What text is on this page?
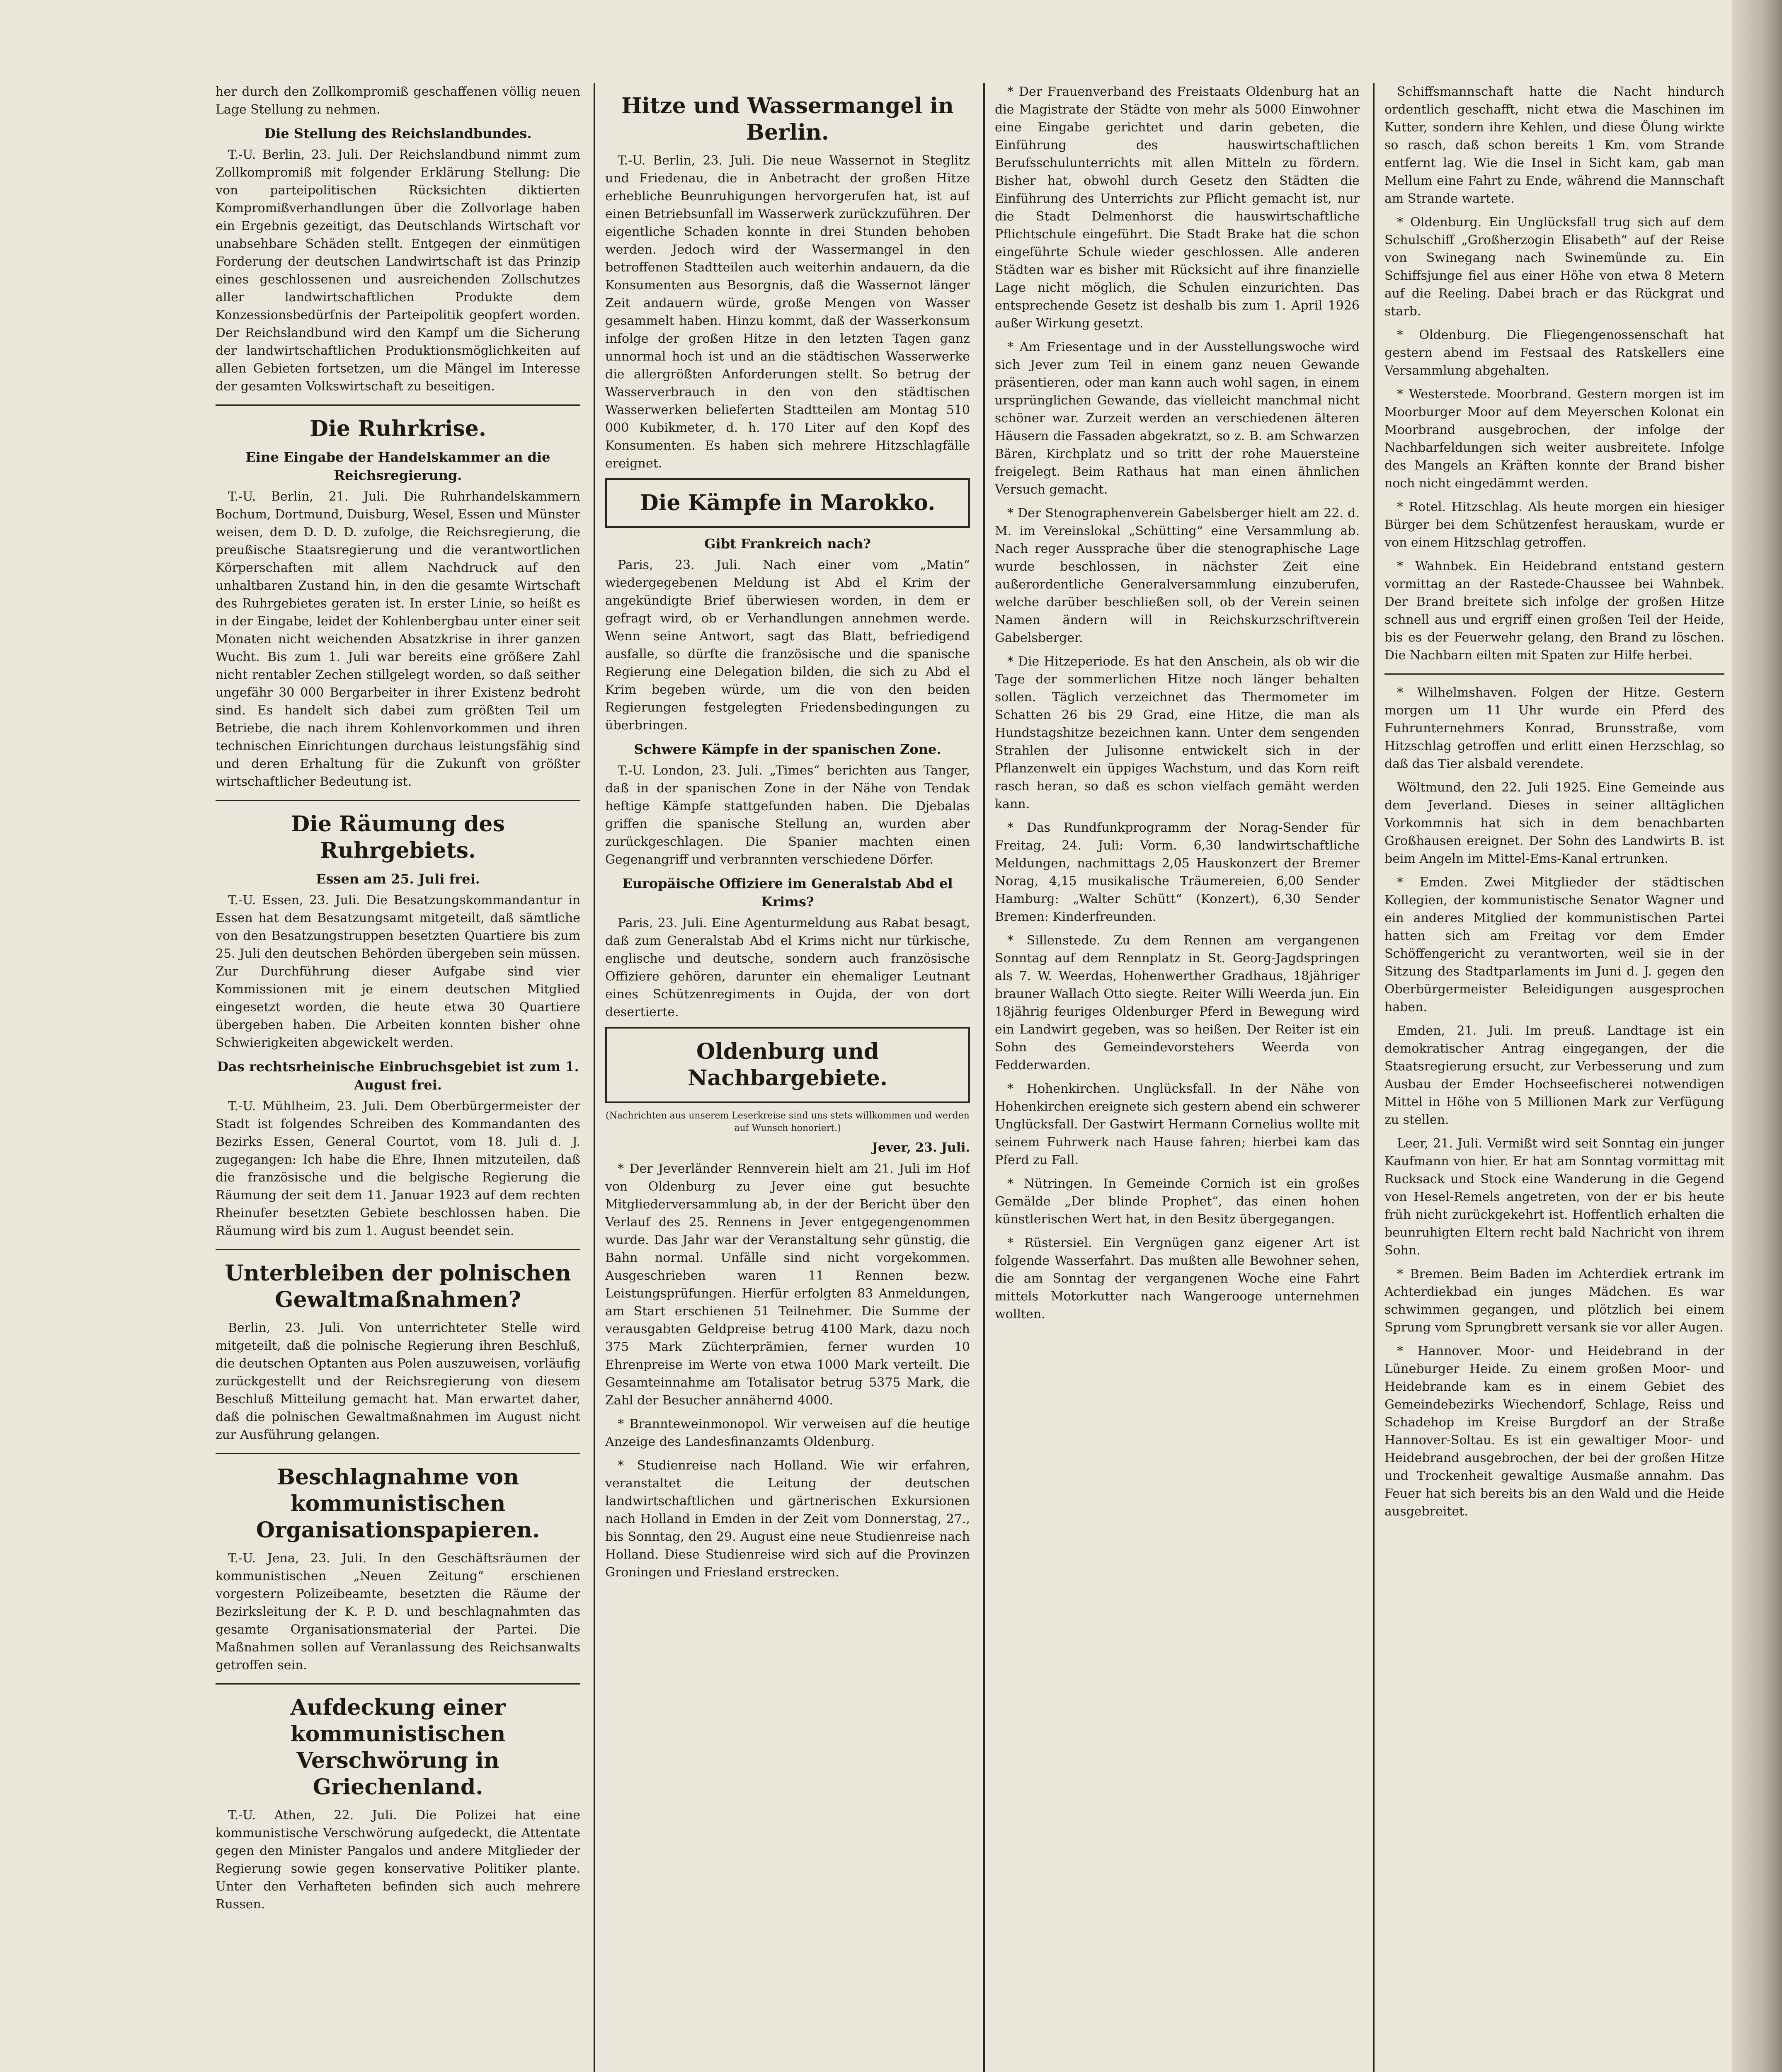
her durch den Zollkompromiß geschaffenen völlig neuen Lage Stellung zu nehmen.

Die Stellung des Reichslandbundes.

T.-U. Berlin, 23. Juli. Der Reichslandbund nimmt zum Zollkompromiß mit folgender Erklärung Stellung: Die von parteipolitischen Rücksichten diktierten Kompromißverhandlungen über die Zollvorlage haben ein Ergebnis gezeitigt, das Deutschlands Wirtschaft vor unabsehbare Schäden stellt. Entgegen der einmütigen Forderung der deutschen Landwirtschaft ist das Prinzip eines geschlossenen und ausreichenden Zollschutzes aller landwirtschaftlichen Produkte dem Konzessionsbedürfnis der Parteipolitik geopfert worden. Der Reichslandbund wird den Kampf um die Sicherung der landwirtschaftlichen Produktionsmöglichkeiten auf allen Gebieten fortsetzen, um die Mängel im Interesse der gesamten Volkswirtschaft zu beseitigen.

Die Ruhrkrise.
Eine Eingabe der Handelskammer an die Reichsregierung.

T.-U. Berlin, 21. Juli. Die Ruhrhandelskammern Bochum, Dortmund, Duisburg, Wesel, Essen und Münster weisen, dem D. D. D. zufolge, die Reichsregierung, die preußische Staatsregierung und die verantwortlichen Körperschaften mit allem Nachdruck auf den unhaltbaren Zustand hin, in den die gesamte Wirtschaft des Ruhrgebietes geraten ist. In erster Linie, so heißt es in der Eingabe, leidet der Kohlenbergbau unter einer seit Monaten nicht weichenden Absatzkrise in ihrer ganzen Wucht. Bis zum 1. Juli war bereits eine größere Zahl nicht rentabler Zechen stillgelegt worden, so daß seither ungefähr 30 000 Bergarbeiter in ihrer Existenz bedroht sind. Es handelt sich dabei zum größten Teil um Betriebe, die nach ihrem Kohlenvorkommen und ihren technischen Einrichtungen durchaus leistungsfähig sind und deren Erhaltung für die Zukunft von größter wirtschaftlicher Bedeutung ist.

Die Räumung des Ruhrgebiets.
Essen am 25. Juli frei.

T.-U. Essen, 23. Juli. Die Besatzungskommandantur in Essen hat dem Besatzungsamt mitgeteilt, daß sämtliche von den Besatzungstruppen besetzten Quartiere bis zum 25. Juli den deutschen Behörden übergeben sein müssen. Zur Durchführung dieser Aufgabe sind vier Kommissionen mit je einem deutschen Mitglied eingesetzt worden, die heute etwa 30 Quartiere übergeben haben. Die Arbeiten konnten bisher ohne Schwierigkeiten abgewickelt werden.

Das rechtsrheinische Einbruchsgebiet ist zum 1. August frei.

T.-U. Mühlheim, 23. Juli. Dem Oberbürgermeister der Stadt ist folgendes Schreiben des Kommandanten des Bezirks Essen, General Courtot, vom 18. Juli d. J. zugegangen: Ich habe die Ehre, Ihnen mitzuteilen, daß die französische und die belgische Regierung die Räumung der seit dem 11. Januar 1923 auf dem rechten Rheinufer besetzten Gebiete beschlossen haben. Die Räumung wird bis zum 1. August beendet sein.

Unterbleiben der polnischen Gewaltmaßnahmen?

Berlin, 23. Juli. Von unterrichteter Stelle wird mitgeteilt, daß die polnische Regierung ihren Beschluß, die deutschen Optanten aus Polen auszuweisen, vorläufig zurückgestellt und der Reichsregierung von diesem Beschluß Mitteilung gemacht hat. Man erwartet daher, daß die polnischen Gewaltmaßnahmen im August nicht zur Ausführung gelangen.

Beschlagnahme von kommunistischen Organisationspapieren.

T.-U. Jena, 23. Juli. In den Geschäftsräumen der kommunistischen „Neuen Zeitung“ erschienen vorgestern Polizeibeamte, besetzten die Räume der Bezirksleitung der K. P. D. und beschlagnahmten das gesamte Organisationsmaterial der Partei. Die Maßnahmen sollen auf Veranlassung des Reichsanwalts getroffen sein.

Aufdeckung einer kommunistischen Verschwörung in Griechenland.

T.-U. Athen, 22. Juli. Die Polizei hat eine kommunistische Verschwörung aufgedeckt, die Attentate gegen den Minister Pangalos und andere Mitglieder der Regierung sowie gegen konservative Politiker plante. Unter den Verhafteten befinden sich auch mehrere Russen.

Hitze und Wassermangel in Berlin.

T.-U. Berlin, 23. Juli. Die neue Wassernot in Steglitz und Friedenau, die in Anbetracht der großen Hitze erhebliche Beunruhigungen hervorgerufen hat, ist auf einen Betriebsunfall im Wasserwerk zurückzuführen. Der eigentliche Schaden konnte in drei Stunden behoben werden. Jedoch wird der Wassermangel in den betroffenen Stadtteilen auch weiterhin andauern, da die Konsumenten aus Besorgnis, daß die Wassernot länger Zeit andauern würde, große Mengen von Wasser gesammelt haben. Hinzu kommt, daß der Wasserkonsum infolge der großen Hitze in den letzten Tagen ganz unnormal hoch ist und an die städtischen Wasserwerke die allergrößten Anforderungen stellt. So betrug der Wasserverbrauch in den von den städtischen Wasserwerken belieferten Stadtteilen am Montag 510 000 Kubikmeter, d. h. 170 Liter auf den Kopf des Konsumenten. Es haben sich mehrere Hitzschlagfälle ereignet.

Die Kämpfe in Marokko.
Gibt Frankreich nach?

Paris, 23. Juli. Nach einer vom „Matin“ wiedergegebenen Meldung ist Abd el Krim der angekündigte Brief überwiesen worden, in dem er gefragt wird, ob er Verhandlungen annehmen werde. Wenn seine Antwort, sagt das Blatt, befriedigend ausfalle, so dürfte die französische und die spanische Regierung eine Delegation bilden, die sich zu Abd el Krim begeben würde, um die von den beiden Regierungen festgelegten Friedensbedingungen zu überbringen.

Schwere Kämpfe in der spanischen Zone.

T.-U. London, 23. Juli. „Times“ berichten aus Tanger, daß in der spanischen Zone in der Nähe von Tendak heftige Kämpfe stattgefunden haben. Die Djebalas griffen die spanische Stellung an, wurden aber zurückgeschlagen. Die Spanier machten einen Gegenangriff und verbrannten verschiedene Dörfer.

Europäische Offiziere im Generalstab Abd el Krims?

Paris, 23. Juli. Eine Agenturmeldung aus Rabat besagt, daß zum Generalstab Abd el Krims nicht nur türkische, englische und deutsche, sondern auch französische Offiziere gehören, darunter ein ehemaliger Leutnant eines Schützenregiments in Oujda, der von dort desertierte.

Oldenburg und Nachbargebiete.
(Nachrichten aus unserem Leserkreise sind uns stets willkommen und werden auf Wunsch honoriert.)
Jever, 23. Juli.

* Der Jeverländer Rennverein hielt am 21. Juli im Hof von Oldenburg zu Jever eine gut besuchte Mitgliederversammlung ab, in der der Bericht über den Verlauf des 25. Rennens in Jever entgegengenommen wurde. Das Jahr war der Veranstaltung sehr günstig, die Bahn normal. Unfälle sind nicht vorgekommen. Ausgeschrieben waren 11 Rennen bezw. Leistungsprüfungen. Hierfür erfolgten 83 Anmeldungen, am Start erschienen 51 Teilnehmer. Die Summe der verausgabten Geldpreise betrug 4100 Mark, dazu noch 375 Mark Züchterprämien, ferner wurden 10 Ehrenpreise im Werte von etwa 1000 Mark verteilt. Die Gesamteinnahme am Totalisator betrug 5375 Mark, die Zahl der Besucher annähernd 4000.

* Brannteweinmonopol. Wir verweisen auf die heutige Anzeige des Landesfinanzamts Oldenburg.

* Studienreise nach Holland. Wie wir erfahren, veranstaltet die Leitung der deutschen landwirtschaftlichen und gärtnerischen Exkursionen nach Holland in Emden in der Zeit vom Donnerstag, 27., bis Sonntag, den 29. August eine neue Studienreise nach Holland. Diese Studienreise wird sich auf die Provinzen Groningen und Friesland erstrecken.

* Der Frauenverband des Freistaats Oldenburg hat an die Magistrate der Städte von mehr als 5000 Einwohner eine Eingabe gerichtet und darin gebeten, die Einführung des hauswirtschaftlichen Berufsschulunterrichts mit allen Mitteln zu fördern. Bisher hat, obwohl durch Gesetz den Städten die Einführung des Unterrichts zur Pflicht gemacht ist, nur die Stadt Delmenhorst die hauswirtschaftliche Pflichtschule eingeführt. Die Stadt Brake hat die schon eingeführte Schule wieder geschlossen. Alle anderen Städten war es bisher mit Rücksicht auf ihre finanzielle Lage nicht möglich, die Schulen einzurichten. Das entsprechende Gesetz ist deshalb bis zum 1. April 1926 außer Wirkung gesetzt.

* Am Friesentage und in der Ausstellungswoche wird sich Jever zum Teil in einem ganz neuen Gewande präsentieren, oder man kann auch wohl sagen, in einem ursprünglichen Gewande, das vielleicht manchmal nicht schöner war. Zurzeit werden an verschiedenen älteren Häusern die Fassaden abgekratzt, so z. B. am Schwarzen Bären, Kirchplatz und so tritt der rohe Mauersteine freigelegt. Beim Rathaus hat man einen ähnlichen Versuch gemacht.

* Der Stenographenverein Gabelsberger hielt am 22. d. M. im Vereinslokal „Schütting“ eine Versammlung ab. Nach reger Aussprache über die stenographische Lage wurde beschlossen, in nächster Zeit eine außerordentliche Generalversammlung einzuberufen, welche darüber beschließen soll, ob der Verein seinen Namen ändern will in Reichskurzschriftverein Gabelsberger.

* Die Hitzeperiode. Es hat den Anschein, als ob wir die Tage der sommerlichen Hitze noch länger behalten sollen. Täglich verzeichnet das Thermometer im Schatten 26 bis 29 Grad, eine Hitze, die man als Hundstagshitze bezeichnen kann. Unter dem sengenden Strahlen der Julisonne entwickelt sich in der Pflanzenwelt ein üppiges Wachstum, und das Korn reift rasch heran, so daß es schon vielfach gemäht werden kann.

* Das Rundfunkprogramm der Norag-Sender für Freitag, 24. Juli: Vorm. 6,30 landwirtschaftliche Meldungen, nachmittags 2,05 Hauskonzert der Bremer Norag, 4,15 musikalische Träumereien, 6,00 Sender Hamburg: „Walter Schütt“ (Konzert), 6,30 Sender Bremen: Kinderfreunden.

* Sillenstede. Zu dem Rennen am vergangenen Sonntag auf dem Rennplatz in St. Georg-Jagdspringen als 7. W. Weerdas, Hohenwerther Gradhaus, 18jähriger brauner Wallach Otto siegte. Reiter Willi Weerda jun. Ein 18jährig feuriges Oldenburger Pferd in Bewegung wird ein Landwirt gegeben, was so heißen. Der Reiter ist ein Sohn des Gemeindevorstehers Weerda von Fedderwarden.

* Hohenkirchen. Unglücksfall. In der Nähe von Hohenkirchen ereignete sich gestern abend ein schwerer Unglücksfall. Der Gastwirt Hermann Cornelius wollte mit seinem Fuhrwerk nach Hause fahren; hierbei kam das Pferd zu Fall.

* Nütringen. In Gemeinde Cornich ist ein großes Gemälde „Der blinde Prophet“, das einen hohen künstlerischen Wert hat, in den Besitz übergegangen.

* Rüstersiel. Ein Vergnügen ganz eigener Art ist folgende Wasserfahrt. Das mußten alle Bewohner sehen, die am Sonntag der vergangenen Woche eine Fahrt mittels Motorkutter nach Wangerooge unternehmen wollten.

Schiffsmannschaft hatte die Nacht hindurch ordentlich geschafft, nicht etwa die Maschinen im Kutter, sondern ihre Kehlen, und diese Ölung wirkte so rasch, daß schon bereits 1 Km. vom Strande entfernt lag. Wie die Insel in Sicht kam, gab man Mellum eine Fahrt zu Ende, während die Mannschaft am Strande wartete.

* Oldenburg. Ein Unglücksfall trug sich auf dem Schulschiff „Großherzogin Elisabeth“ auf der Reise von Swinegang nach Swinemünde zu. Ein Schiffsjunge fiel aus einer Höhe von etwa 8 Metern auf die Reeling. Dabei brach er das Rückgrat und starb.

* Oldenburg. Die Fliegengenossenschaft hat gestern abend im Festsaal des Ratskellers eine Versammlung abgehalten.

* Westerstede. Moorbrand. Gestern morgen ist im Moorburger Moor auf dem Meyerschen Kolonat ein Moorbrand ausgebrochen, der infolge der Nachbarfeldungen sich weiter ausbreitete. Infolge des Mangels an Kräften konnte der Brand bisher noch nicht eingedämmt werden.

* Rotel. Hitzschlag. Als heute morgen ein hiesiger Bürger bei dem Schützenfest herauskam, wurde er von einem Hitzschlag getroffen.

* Wahnbek. Ein Heidebrand entstand gestern vormittag an der Rastede-Chaussee bei Wahnbek. Der Brand breitete sich infolge der großen Hitze schnell aus und ergriff einen großen Teil der Heide, bis es der Feuerwehr gelang, den Brand zu löschen. Die Nachbarn eilten mit Spaten zur Hilfe herbei.

* Wilhelmshaven. Folgen der Hitze. Gestern morgen um 11 Uhr wurde ein Pferd des Fuhrunternehmers Konrad, Brunsstraße, vom Hitzschlag getroffen und erlitt einen Herzschlag, so daß das Tier alsbald verendete.

Wöltmund, den 22. Juli 1925. Eine Gemeinde aus dem Jeverland. Dieses in seiner alltäglichen Vorkommnis hat sich in dem benachbarten Großhausen ereignet. Der Sohn des Landwirts B. ist beim Angeln im Mittel-Ems-Kanal ertrunken.

* Emden. Zwei Mitglieder der städtischen Kollegien, der kommunistische Senator Wagner und ein anderes Mitglied der kommunistischen Partei hatten sich am Freitag vor dem Emder Schöffengericht zu verantworten, weil sie in der Sitzung des Stadtparlaments im Juni d. J. gegen den Oberbürgermeister Beleidigungen ausgesprochen haben.

Emden, 21. Juli. Im preuß. Landtage ist ein demokratischer Antrag eingegangen, der die Staatsregierung ersucht, zur Verbesserung und zum Ausbau der Emder Hochseefischerei notwendigen Mittel in Höhe von 5 Millionen Mark zur Verfügung zu stellen.

Leer, 21. Juli. Vermißt wird seit Sonntag ein junger Kaufmann von hier. Er hat am Sonntag vormittag mit Rucksack und Stock eine Wanderung in die Gegend von Hesel-Remels angetreten, von der er bis heute früh nicht zurückgekehrt ist. Hoffentlich erhalten die beunruhigten Eltern recht bald Nachricht von ihrem Sohn.

* Bremen. Beim Baden im Achterdiek ertrank im Achterdiekbad ein junges Mädchen. Es war schwimmen gegangen, und plötzlich bei einem Sprung vom Sprungbrett versank sie vor aller Augen.

* Hannover. Moor- und Heidebrand in der Lüneburger Heide. Zu einem großen Moor- und Heidebrande kam es in einem Gebiet des Gemeindebezirks Wiechendorf, Schlage, Reiss und Schadehop im Kreise Burgdorf an der Straße Hannover-Soltau. Es ist ein gewaltiger Moor- und Heidebrand ausgebrochen, der bei der großen Hitze und Trockenheit gewaltige Ausmaße annahm. Das Feuer hat sich bereits bis an den Wald und die Heide ausgebreitet.
